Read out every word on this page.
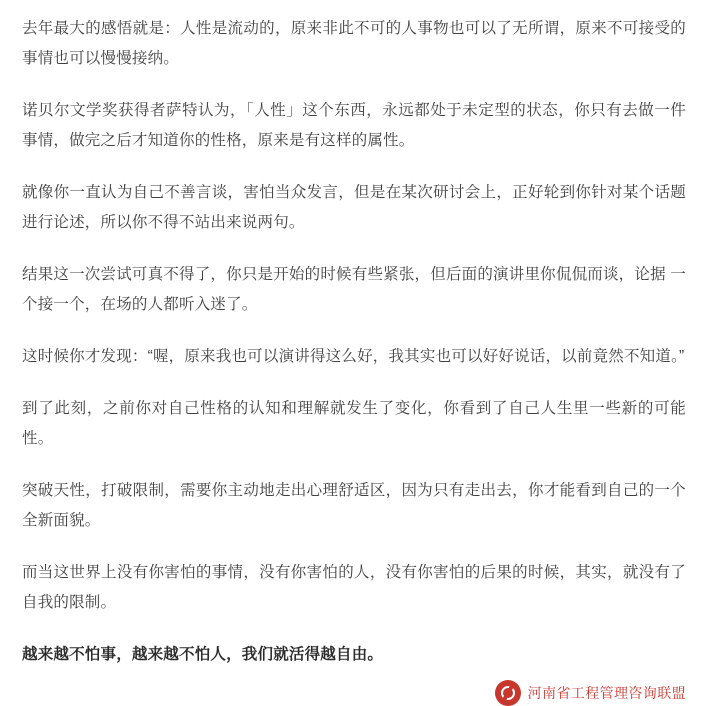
去年最大的感悟就是：人性是流动的，原来非此不可的人事物也可以了无所谓，原来不可接受的事情也可以慢慢接纳。

诺贝尔文学奖获得者萨特认为，「人性」这个东西，永远都处于未定型的状态，你只有去做一件事情，做完之后才知道你的性格，原来是有这样的属性。

就像你一直认为自己不善言谈，害怕当众发言，但是在某次研讨会上，正好轮到你针对某个话题进行论述，所以你不得不站出来说两句。

结果这一次尝试可真不得了，你只是开始的时候有些紧张，但后面的演讲里你侃侃而谈，论据 一个接一个，在场的人都听入迷了。

这时候你才发现：“喔，原来我也可以演讲得这么好，我其实也可以好好说话，以前竟然不知道。”

到了此刻，之前你对自己性格的认知和理解就发生了变化，你看到了自己人生里一些新的可能性。

突破天性，打破限制，需要你主动地走出心理舒适区，因为只有走出去，你才能看到自己的一个全新面貌。

而当这世界上没有你害怕的事情，没有你害怕的人，没有你害怕的后果的时候，其实，就没有了自我的限制。

越来越不怕事，越来越不怕人，我们就活得越自由。

河南省工程管理咨询联盟
